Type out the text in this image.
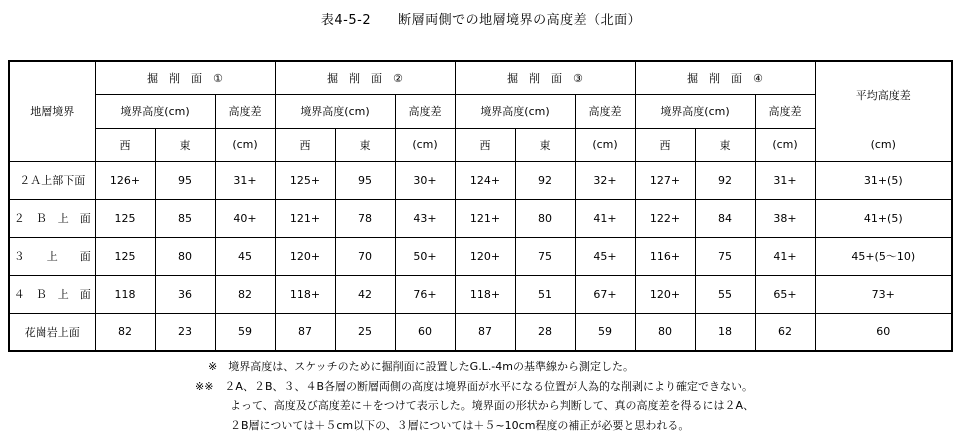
表4-5-2　　断層両側での地層境界の高度差（北面）
地層境界	掘　削　面　①			掘　削　面　②			掘　削　面　③			掘　削　面　④			平均高度差
	境界高度(cm)		高度差	境界高度(cm)		高度差	境界高度(cm)		高度差	境界高度(cm)		高度差	
	西	東	(cm)	西	東	(cm)	西	東	(cm)	西	東	(cm)	(cm)
２Ａ上部下面	126+	95	31+	125+	95	30+	124+	92	32+	127+	92	31+	31+(5)
２　Ｂ　上　面	125	85	40+	121+	78	43+	121+	80	41+	122+	84	38+	41+(5)
３　　上　　面	125	80	45	120+	70	50+	120+	75	45+	116+	75	41+	45+(5～10)
４　Ｂ　上　面	118	36	82	118+	42	76+	118+	51	67+	120+	55	65+	73+
花崗岩上面	82	23	59	87	25	60	87	28	59	80	18	62	60
※　境界高度は、スケッチのために掘削面に設置したG.L.-4mの基準線から測定した。
※※　２A、２B、３、４B各層の断層両側の高度は境界面が水平になる位置が人為的な削剥により確定できない。
　　よって、高度及び高度差に＋をつけて表示した。境界面の形状から判断して、真の高度差を得るには２A、
　　２B層については＋５cm以下の、３層については＋５~10cm程度の補正が必要と思われる。
